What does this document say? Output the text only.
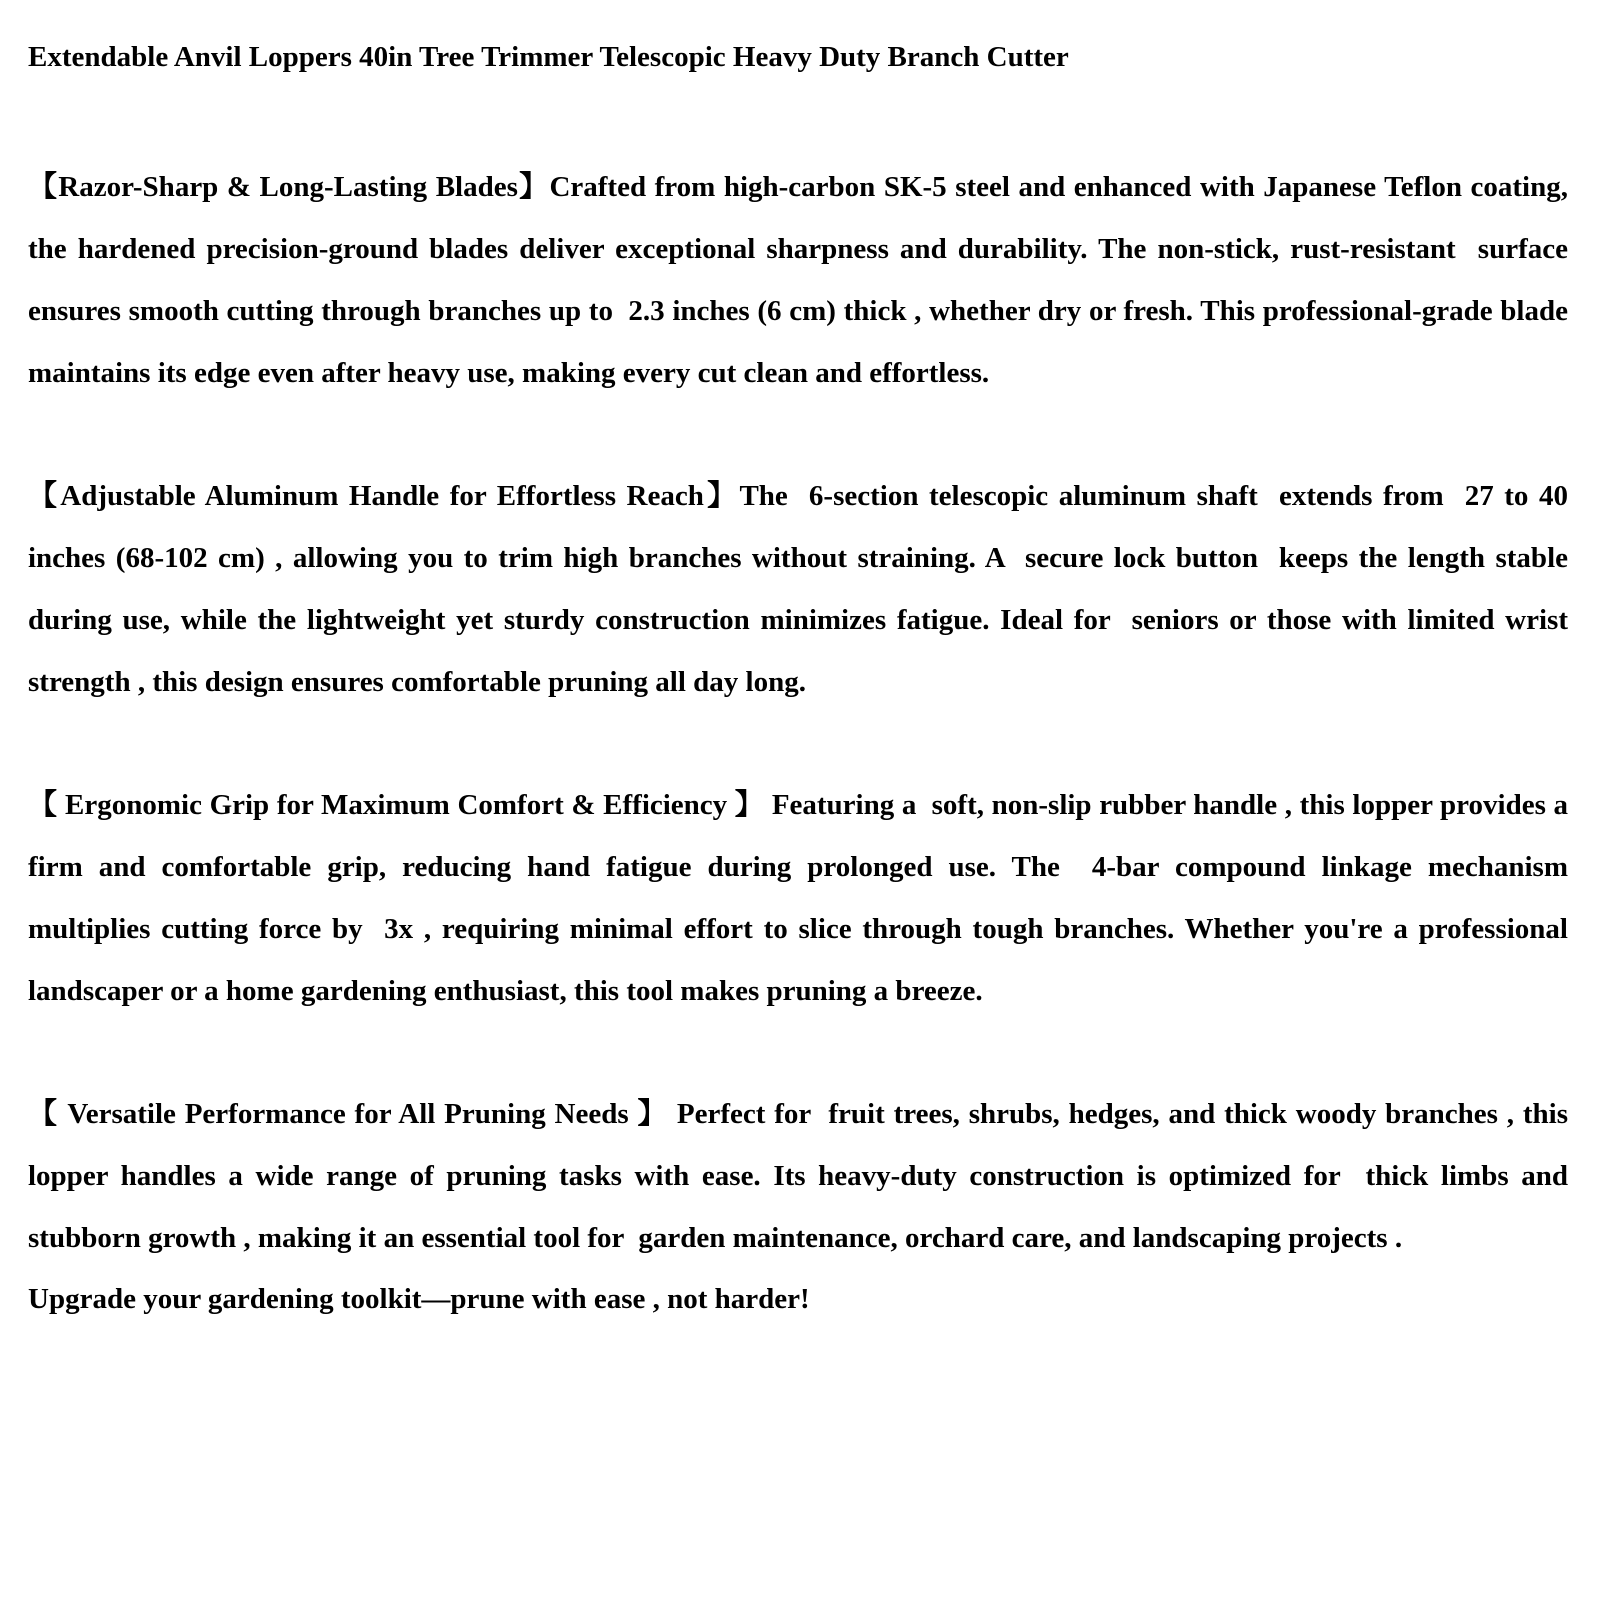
Extendable Anvil Loppers 40in Tree Trimmer Telescopic Heavy Duty Branch Cutter

【Razor-Sharp & Long-Lasting Blades】Crafted from high-carbon SK-5 steel and enhanced with Japanese Teflon coating, the hardened precision-ground blades deliver exceptional sharpness and durability. The non-stick, rust-resistant  surface ensures smooth cutting through branches up to  2.3 inches (6 cm) thick , whether dry or fresh. This professional-grade blade maintains its edge even after heavy use, making every cut clean and effortless.

【Adjustable Aluminum Handle for Effortless Reach】The  6-section telescopic aluminum shaft  extends from  27 to 40 inches (68-102 cm) , allowing you to trim high branches without straining. A  secure lock button  keeps the length stable during use, while the lightweight yet sturdy construction minimizes fatigue. Ideal for  seniors or those with limited wrist strength , this design ensures comfortable pruning all day long.

【 Ergonomic Grip for Maximum Comfort & Efficiency 】 Featuring a  soft, non-slip rubber handle , this lopper provides a firm and comfortable grip, reducing hand fatigue during prolonged use. The  4-bar compound linkage mechanism  multiplies cutting force by  3x , requiring minimal effort to slice through tough branches. Whether you're a professional landscaper or a home gardening enthusiast, this tool makes pruning a breeze.

【 Versatile Performance for All Pruning Needs 】 Perfect for  fruit trees, shrubs, hedges, and thick woody branches , this lopper handles a wide range of pruning tasks with ease. Its heavy-duty construction is optimized for  thick limbs and stubborn growth , making it an essential tool for  garden maintenance, orchard care, and landscaping projects .

Upgrade your gardening toolkit—prune with ease , not harder!
